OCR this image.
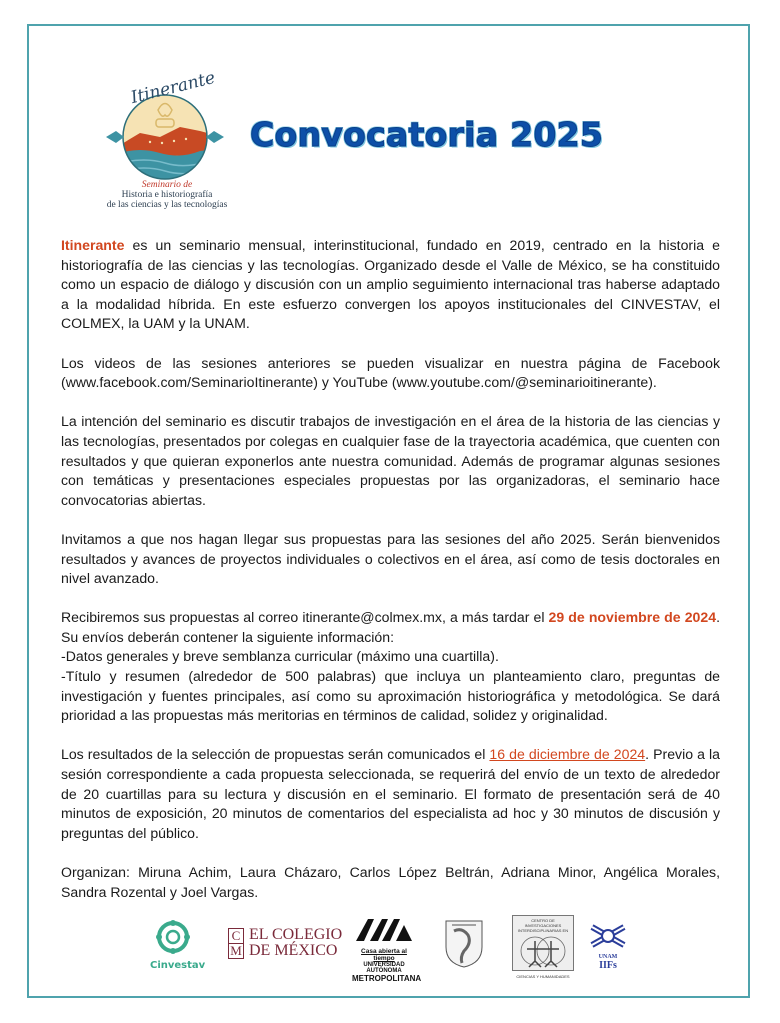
Itinerante
Seminario de
Historia e historiografía
de las ciencias y las tecnologías
Convocatoria 2025

Itinerante es un seminario mensual, interinstitucional, fundado en 2019, centrado en la historia e historiografía de las ciencias y las tecnologías. Organizado desde el Valle de México, se ha constituido como un espacio de diálogo y discusión con un amplio seguimiento internacional tras haberse adaptado a la modalidad híbrida. En este esfuerzo convergen los apoyos institucionales del CINVESTAV, el COLMEX, la UAM y la UNAM.

Los videos de las sesiones anteriores se pueden visualizar en nuestra página de Facebook (www.facebook.com/SeminarioItinerante) y YouTube (www.youtube.com/@seminarioitinerante).

La intención del seminario es discutir trabajos de investigación en el área de la historia de las ciencias y las tecnologías, presentados por colegas en cualquier fase de la trayectoria académica, que cuenten con resultados y que quieran exponerlos ante nuestra comunidad. Además de programar algunas sesiones con temáticas y presentaciones especiales propuestas por las organizadoras, el seminario hace convocatorias abiertas.

Invitamos a que nos hagan llegar sus propuestas para las sesiones del año 2025. Serán bienvenidos resultados y avances de proyectos individuales o colectivos en el área, así como de tesis doctorales en nivel avanzado.

Recibiremos sus propuestas al correo itinerante@colmex.mx, a más tardar el 29 de noviembre de 2024. Su envíos deberán contener la siguiente información:

-Datos generales y breve semblanza curricular (máximo una cuartilla).

-Título y resumen (alrededor de 500 palabras) que incluya un planteamiento claro, preguntas de investigación y fuentes principales, así como su aproximación historiográfica y metodológica. Se dará prioridad a las propuestas más meritorias en términos de calidad, solidez y originalidad.

Los resultados de la selección de propuestas serán comunicados el 16 de diciembre de 2024. Previo a la sesión correspondiente a cada propuesta seleccionada, se requerirá del envío de un texto de alrededor de 20 cuartillas para su lectura y discusión en el seminario. El formato de presentación será de 40 minutos de exposición, 20 minutos de comentarios del especialista ad hoc y 30 minutos de discusión y preguntas del público.

Organizan: Miruna Achim, Laura Cházaro, Carlos López Beltrán, Adriana Minor, Angélica Morales, Sandra Rozental y Joel Vargas.

Cinvestav
C
M
EL COLEGIO
DE MÉXICO	Casa abierta al tiempo
UNIVERSIDAD AUTÓNOMA
METROPOLITANA
CENTRO DE INVESTIGACIONES
INTERDISCIPLINARIAS EN
CIENCIAS Y HUMANIDADES
UNAM
IIFs
